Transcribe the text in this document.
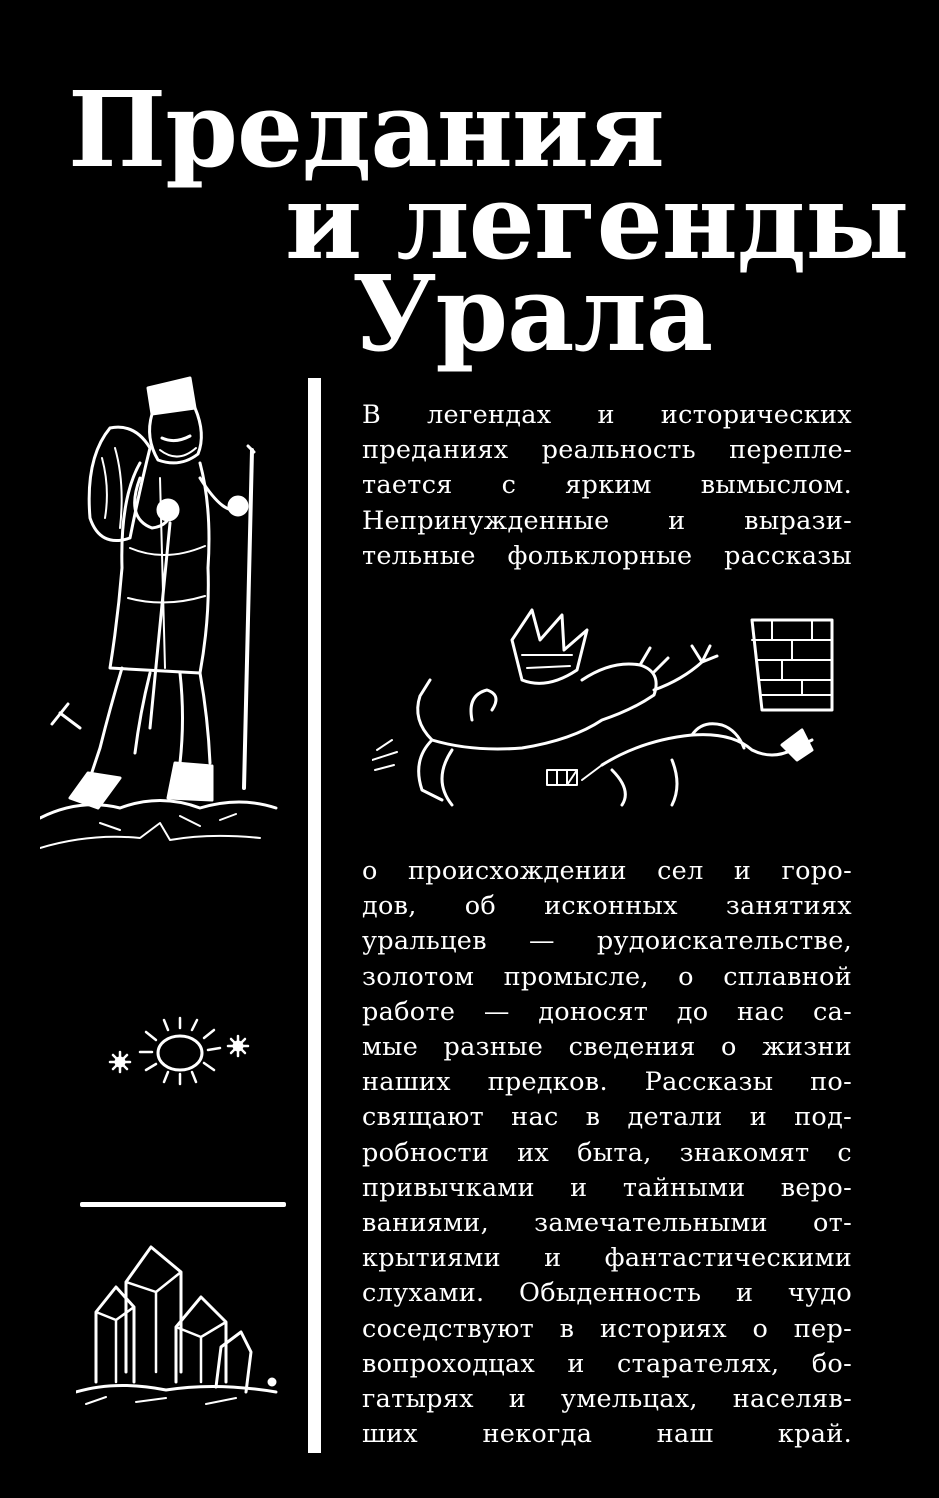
Предания
и легенды
Урала
В легендах и исторических
преданиях реальность перепле-
тается с ярким вымыслом.
Непринужденные и вырази-
тельные фольклорные рассказы
о происхождении сел и горо-
дов, об исконных занятиях
уральцев — рудоискательстве,
золотом промысле, о сплавной
работе — доносят до нас са-
мые разные сведения о жизни
наших предков. Рассказы по-
свящают нас в детали и под-
робности их быта, знакомят с
привычками и тайными веро-
ваниями, замечательными от-
крытиями и фантастическими
слухами. Обыденность и чудо
соседствуют в историях о пер-
вопроходцах и старателях, бо-
гатырях и умельцах, населяв-
ших некогда наш край.
